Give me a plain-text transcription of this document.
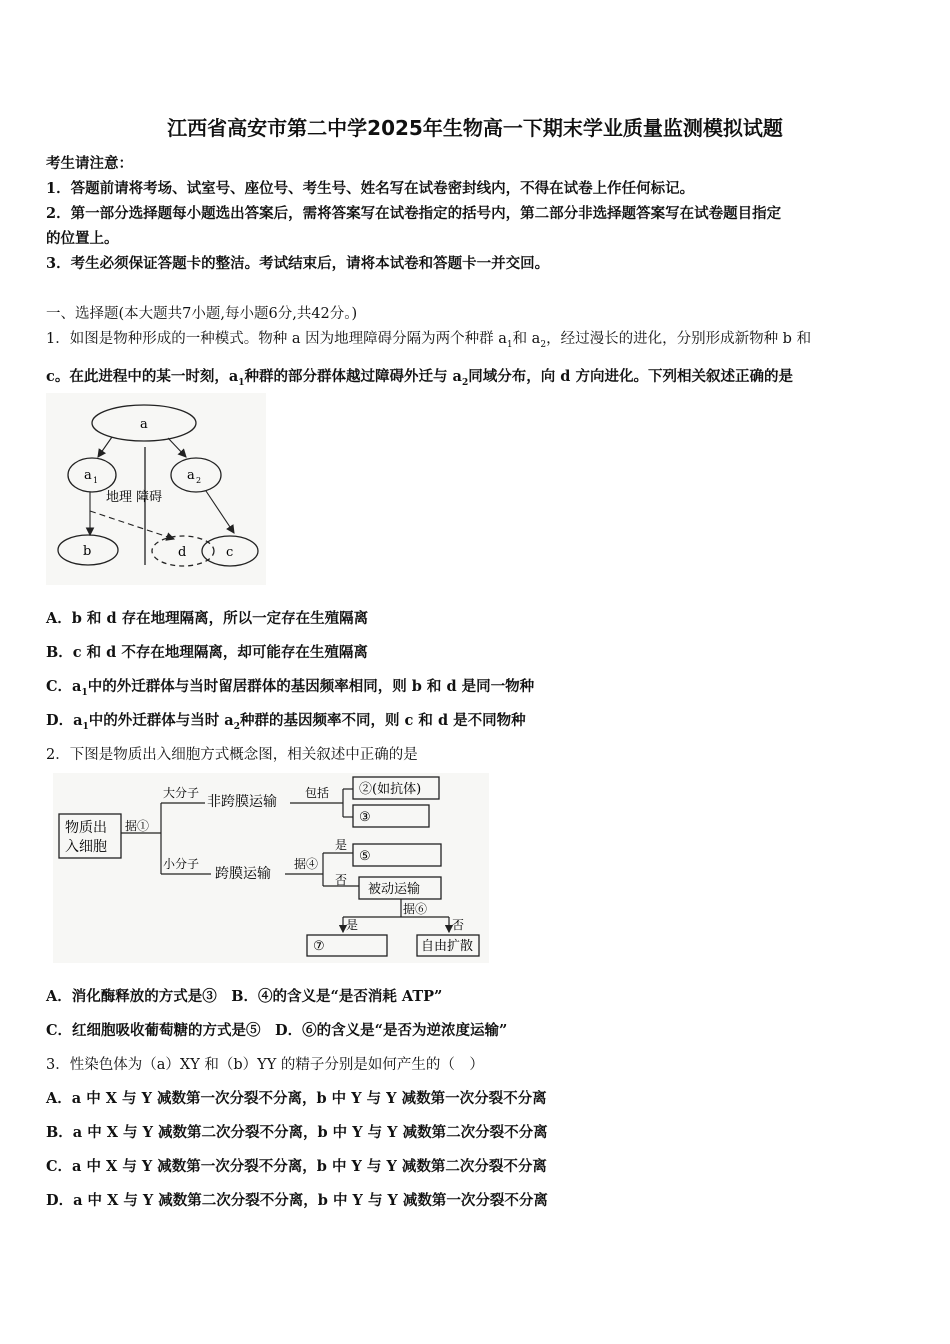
江西省高安市第二中学2025年生物高一下期末学业质量监测模拟试题
考生请注意：
1．答题前请将考场、试室号、座位号、考生号、姓名写在试卷密封线内，不得在试卷上作任何标记。
2．第一部分选择题每小题选出答案后，需将答案写在试卷指定的括号内，第二部分非选择题答案写在试卷题目指定
的位置上。
3．考生必须保证答题卡的整洁。考试结束后，请将本试卷和答题卡一并交回。
一、选择题(本大题共7小题,每小题6分,共42分。)
1．如图是物种形成的一种模式。物种 a 因为地理障碍分隔为两个种群 $a_1$和 $a_2$，经过漫长的进化，分别形成新物种 b 和
c。在此进程中的某一时刻，$a_1$种群的部分群体越过障碍外迁与 $a_2$同域分布，向 d 方向进化。下列相关叙述正确的是
a
a 1	a 2
地理 障碍
b	c
d
A．b 和 d 存在地理隔离，所以一定存在生殖隔离
B．c 和 d 不存在地理隔离，却可能存在生殖隔离
C．$a_1$中的外迁群体与当时留居群体的基因频率相同，则 b 和 d 是同一物种
D．$a_1$中的外迁群体与当时 $a_2$种群的基因频率不同，则 c 和 d 是不同物种
2．下图是物质出入细胞方式概念图，相关叙述中正确的是
物质出
入细胞
据①
大分子
非跨膜运输
包括 ②(如抗体)
③
小分子
跨膜运输
据④
是
否
⑤
被动运输
据⑥
是	否
⑦	自由扩散
A．消化酶释放的方式是③　B．④的含义是“是否消耗 ATP”
C．红细胞吸收葡萄糖的方式是⑤　D．⑥的含义是“是否为逆浓度运输”
3．性染色体为（a）XY 和（b）YY 的精子分别是如何产生的（　）
A．a 中 X 与 Y 减数第一次分裂不分离，b 中 Y 与 Y 减数第一次分裂不分离
B．a 中 X 与 Y 减数第二次分裂不分离，b 中 Y 与 Y 减数第二次分裂不分离
C．a 中 X 与 Y 减数第一次分裂不分离，b 中 Y 与 Y 减数第二次分裂不分离
D．a 中 X 与 Y 减数第二次分裂不分离，b 中 Y 与 Y 减数第一次分裂不分离
